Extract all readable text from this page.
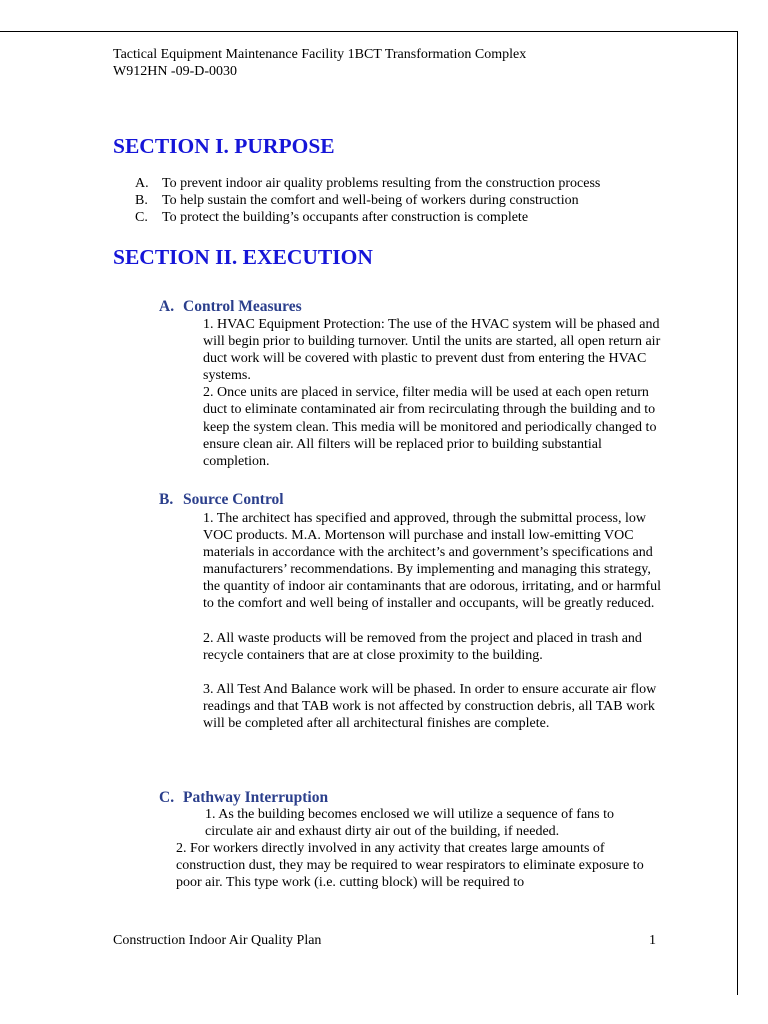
Tactical Equipment Maintenance Facility 1BCT Transformation Complex
W912HN -09-D-0030
SECTION I. PURPOSE
A. To prevent indoor air quality problems resulting from the construction process
B.	To help sustain the comfort and well-being of workers during construction
C.	To protect the building’s occupants after construction is complete
SECTION II. EXECUTION
A. Control Measures

1. HVAC Equipment Protection: The use of the HVAC system will be phased and will begin prior to building turnover. Until the units are started, all open return air duct work will be covered with plastic to prevent dust from entering the HVAC systems.

2. Once units are placed in service, filter media will be used at each open return duct to eliminate contaminated air from recirculating through the building and to keep the system clean. This media will be monitored and periodically changed to ensure clean air. All filters will be replaced prior to building substantial completion.

B. Source Control

1. The architect has specified and approved, through the submittal process, low VOC products. M.A. Mortenson will purchase and install low-emitting VOC materials in accordance with the architect’s and government’s specifications and manufacturers’ recommendations. By implementing and managing this strategy, the quantity of indoor air contaminants that are odorous, irritating, and or harmful to the comfort and well being of installer and occupants, will be greatly reduced.

2. All waste products will be removed from the project and placed in trash and recycle containers that are at close proximity to the building.

3. All Test And Balance work will be phased. In order to ensure accurate air flow readings and that TAB work is not affected by construction debris, all TAB work will be completed after all architectural finishes are complete.

C. Pathway Interruption

1. As the building becomes enclosed we will utilize a sequence of fans to circulate air and exhaust dirty air out of the building, if needed.

2. For workers directly involved in any activity that creates large amounts of construction dust, they may be required to wear respirators to eliminate exposure to poor air. This type work (i.e. cutting block) will be required to

Construction Indoor Air Quality Plan	1
